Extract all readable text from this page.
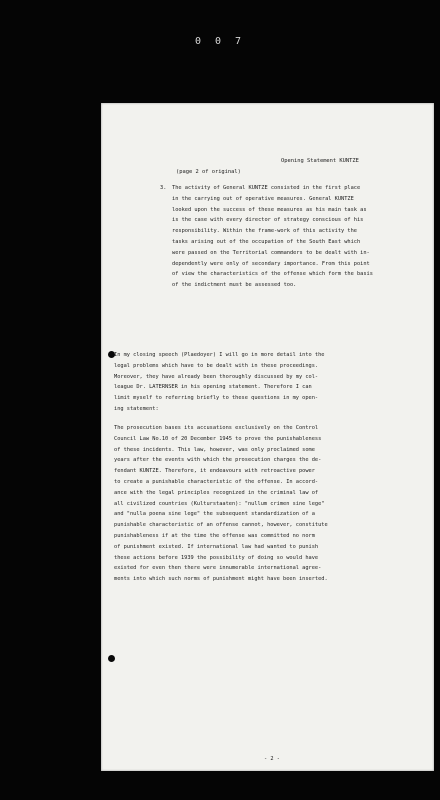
0 0 7
Opening Statement KUNTZE
(page 2 of original)
3. The activity of General KUNTZE consisted in the first place
in the carrying out of operative measures. General KUNTZE
looked upon the success of these measures as his main task as
is the case with every director of strategy conscious of his
responsibility. Within the frame-work of this activity the
tasks arising out of the occupation of the South East which
were passed on the Territorial commanders to be dealt with in-
dependently were only of secondary importance. From this point
of view the characteristics of the offense which form the basis
of the indictment must be assessed too.
In my closing speech (Plaedoyer) I will go in more detail into the
legal problems which have to be dealt with in these proceedings.
Moreover, they have already been thoroughly discussed by my col-
league Dr. LATERNSER in his opening statement. Therefore I can
limit myself to referring briefly to these questions in my open-
ing statement:
The prosecution bases its accusations exclusively on the Control
Council Law No.10 of 20 December 1945 to prove the punishableness
of these incidents. This law, however, was only proclaimed some
years after the events with which the prosecution charges the de-
fendant KUNTZE. Therefore, it endeavours with retroactive power
to create a punishable characteristic of the offense. In accord-
ance with the legal principles recognized in the criminal law of
all civilized countries (Kulturstaaten): "nullum crimen sine lege"
and "nulla poena sine lege" the subsequent standardization of a
punishable characteristic of an offense cannot, however, constitute
punishableness if at the time the offense was committed no norm
of punishment existed. If international law had wanted to punish
these actions before 1939 the possibility of doing so would have
existed for even then there were innumerable international agree-
ments into which such norms of punishment might have been inserted.
- 2 -
